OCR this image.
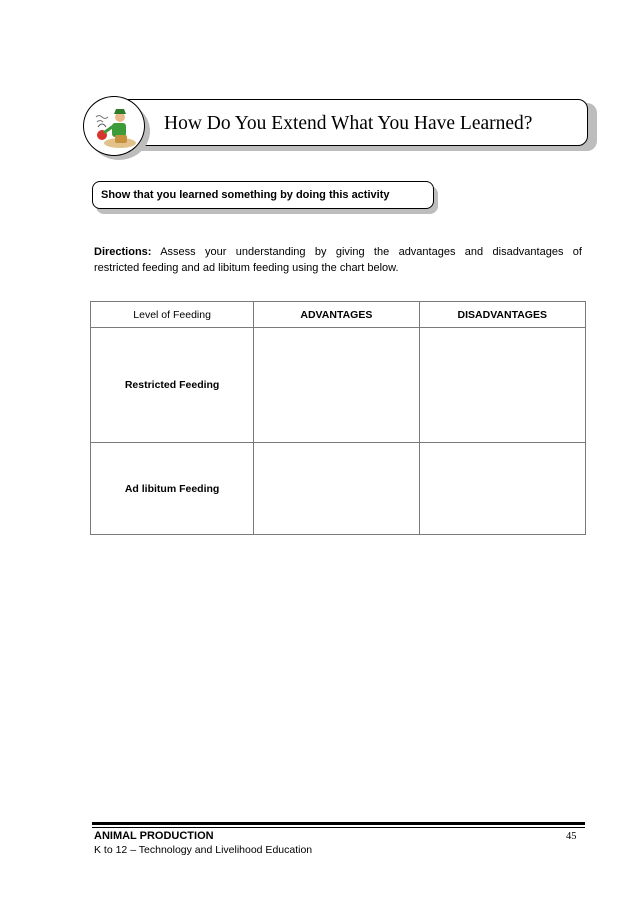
How Do You Extend What You Have Learned?
Show that you learned something by doing this activity
Directions: Assess your understanding by giving the advantages and disadvantages of
restricted feeding and ad libitum feeding using the chart below.
Level of Feeding	ADVANTAGES	DISADVANTAGES
Restricted Feeding		
Ad libitum Feeding		
ANIMAL PRODUCTION
K to 12 – Technology and Livelihood Education
45
